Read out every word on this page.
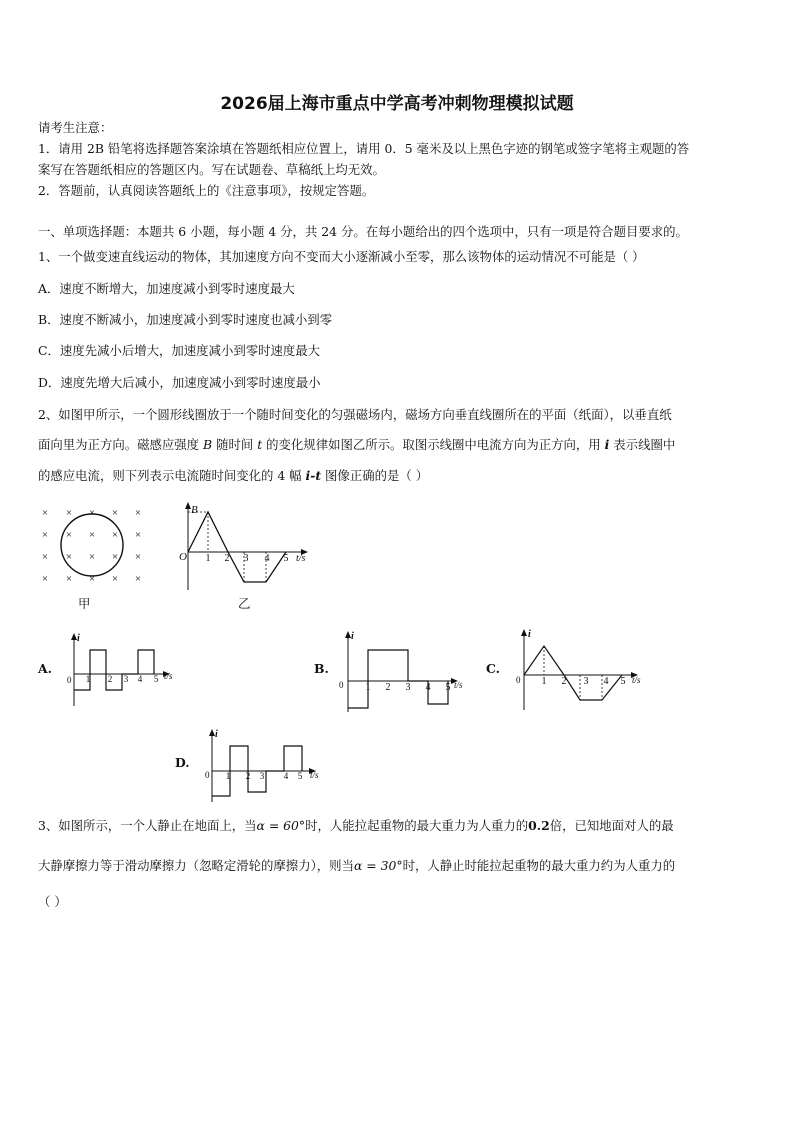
2026届上海市重点中学高考冲刺物理模拟试题
请考生注意：
1．请用 2B 铅笔将选择题答案涂填在答题纸相应位置上，请用 0．5 毫米及以上黑色字迹的钢笔或签字笔将主观题的答
案写在答题纸相应的答题区内。写在试题卷、草稿纸上均无效。
2．答题前，认真阅读答题纸上的《注意事项》，按规定答题。
一、单项选择题：本题共 6 小题，每小题 4 分，共 24 分。在每小题给出的四个选项中，只有一项是符合题目要求的。
1、一个做变速直线运动的物体，其加速度方向不变而大小逐渐减小至零，那么该物体的运动情况不可能是（ ）
A．速度不断增大，加速度减小到零时速度最大
B．速度不断减小，加速度减小到零时速度也减小到零
C．速度先减小后增大，加速度减小到零时速度最大
D．速度先增大后减小，加速度减小到零时速度最小
2、如图甲所示，一个圆形线圈放于一个随时间变化的匀强磁场内，磁场方向垂直线圈所在的平面（纸面），以垂直纸
面向里为正方向。磁感应强度 B 随时间 t 的变化规律如图乙所示。取图示线圈中电流方向为正方向，用 i 表示线圈中
的感应电流，则下列表示电流随时间变化的 4 幅 i-t 图像正确的是（ ）
× × × × ×
× × × × ×
× × × × ×
× × × × ×
甲
B
O	t/s
1 2 3 4 5
乙
A.
i
0	t/s
1 2 3 4 5
B.
i
0	t/s
1 2 3 4 5
C.
i
0	t/s
1 2 3 4 5
D.
i
0	t/s
1 2 3 4 5
3、如图所示，一个人静止在地面上，当α = 60°时，人能拉起重物的最大重力为人重力的0.2倍，已知地面对人的最
大静摩擦力等于滑动摩擦力（忽略定滑轮的摩擦力），则当α = 30°时，人静止时能拉起重物的最大重力约为人重力的
（ ）
